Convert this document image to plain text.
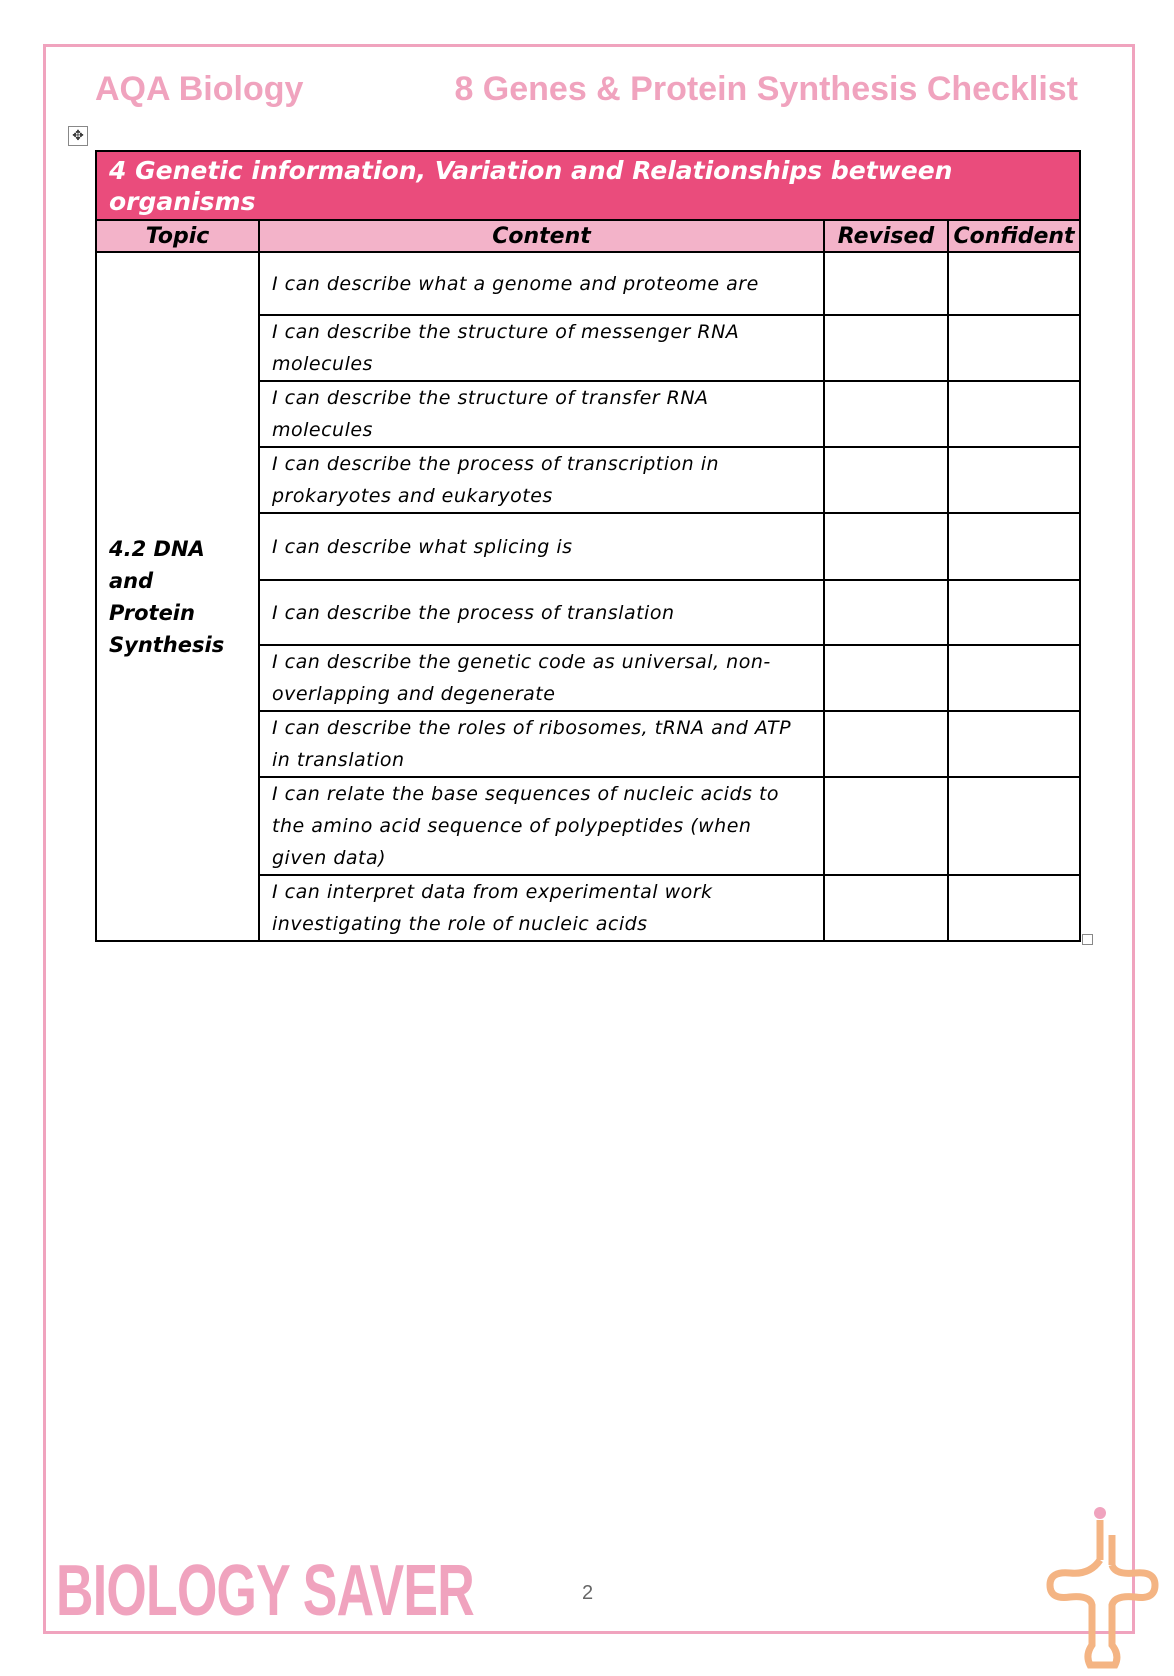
AQA Biology	8 Genes & Protein Synthesis Checklist
✥
4 Genetic information, Variation and Relationships between organisms			
Topic	Content	Revised	Confident
4.2 DNA and Protein Synthesis	I can describe what a genome and proteome are		
	I can describe the structure of messenger RNA molecules		
	I can describe the structure of transfer RNA molecules		
	I can describe the process of transcription in prokaryotes and eukaryotes		
	I can describe what splicing is		
	I can describe the process of translation		
	I can describe the genetic code as universal, non-overlapping and degenerate		
	I can describe the roles of ribosomes, tRNA and ATP in translation		
	I can relate the base sequences of nucleic acids to the amino acid sequence of polypeptides (when given data)		
	I can interpret data from experimental work investigating the role of nucleic acids		
BIOLOGY SAVER	2
